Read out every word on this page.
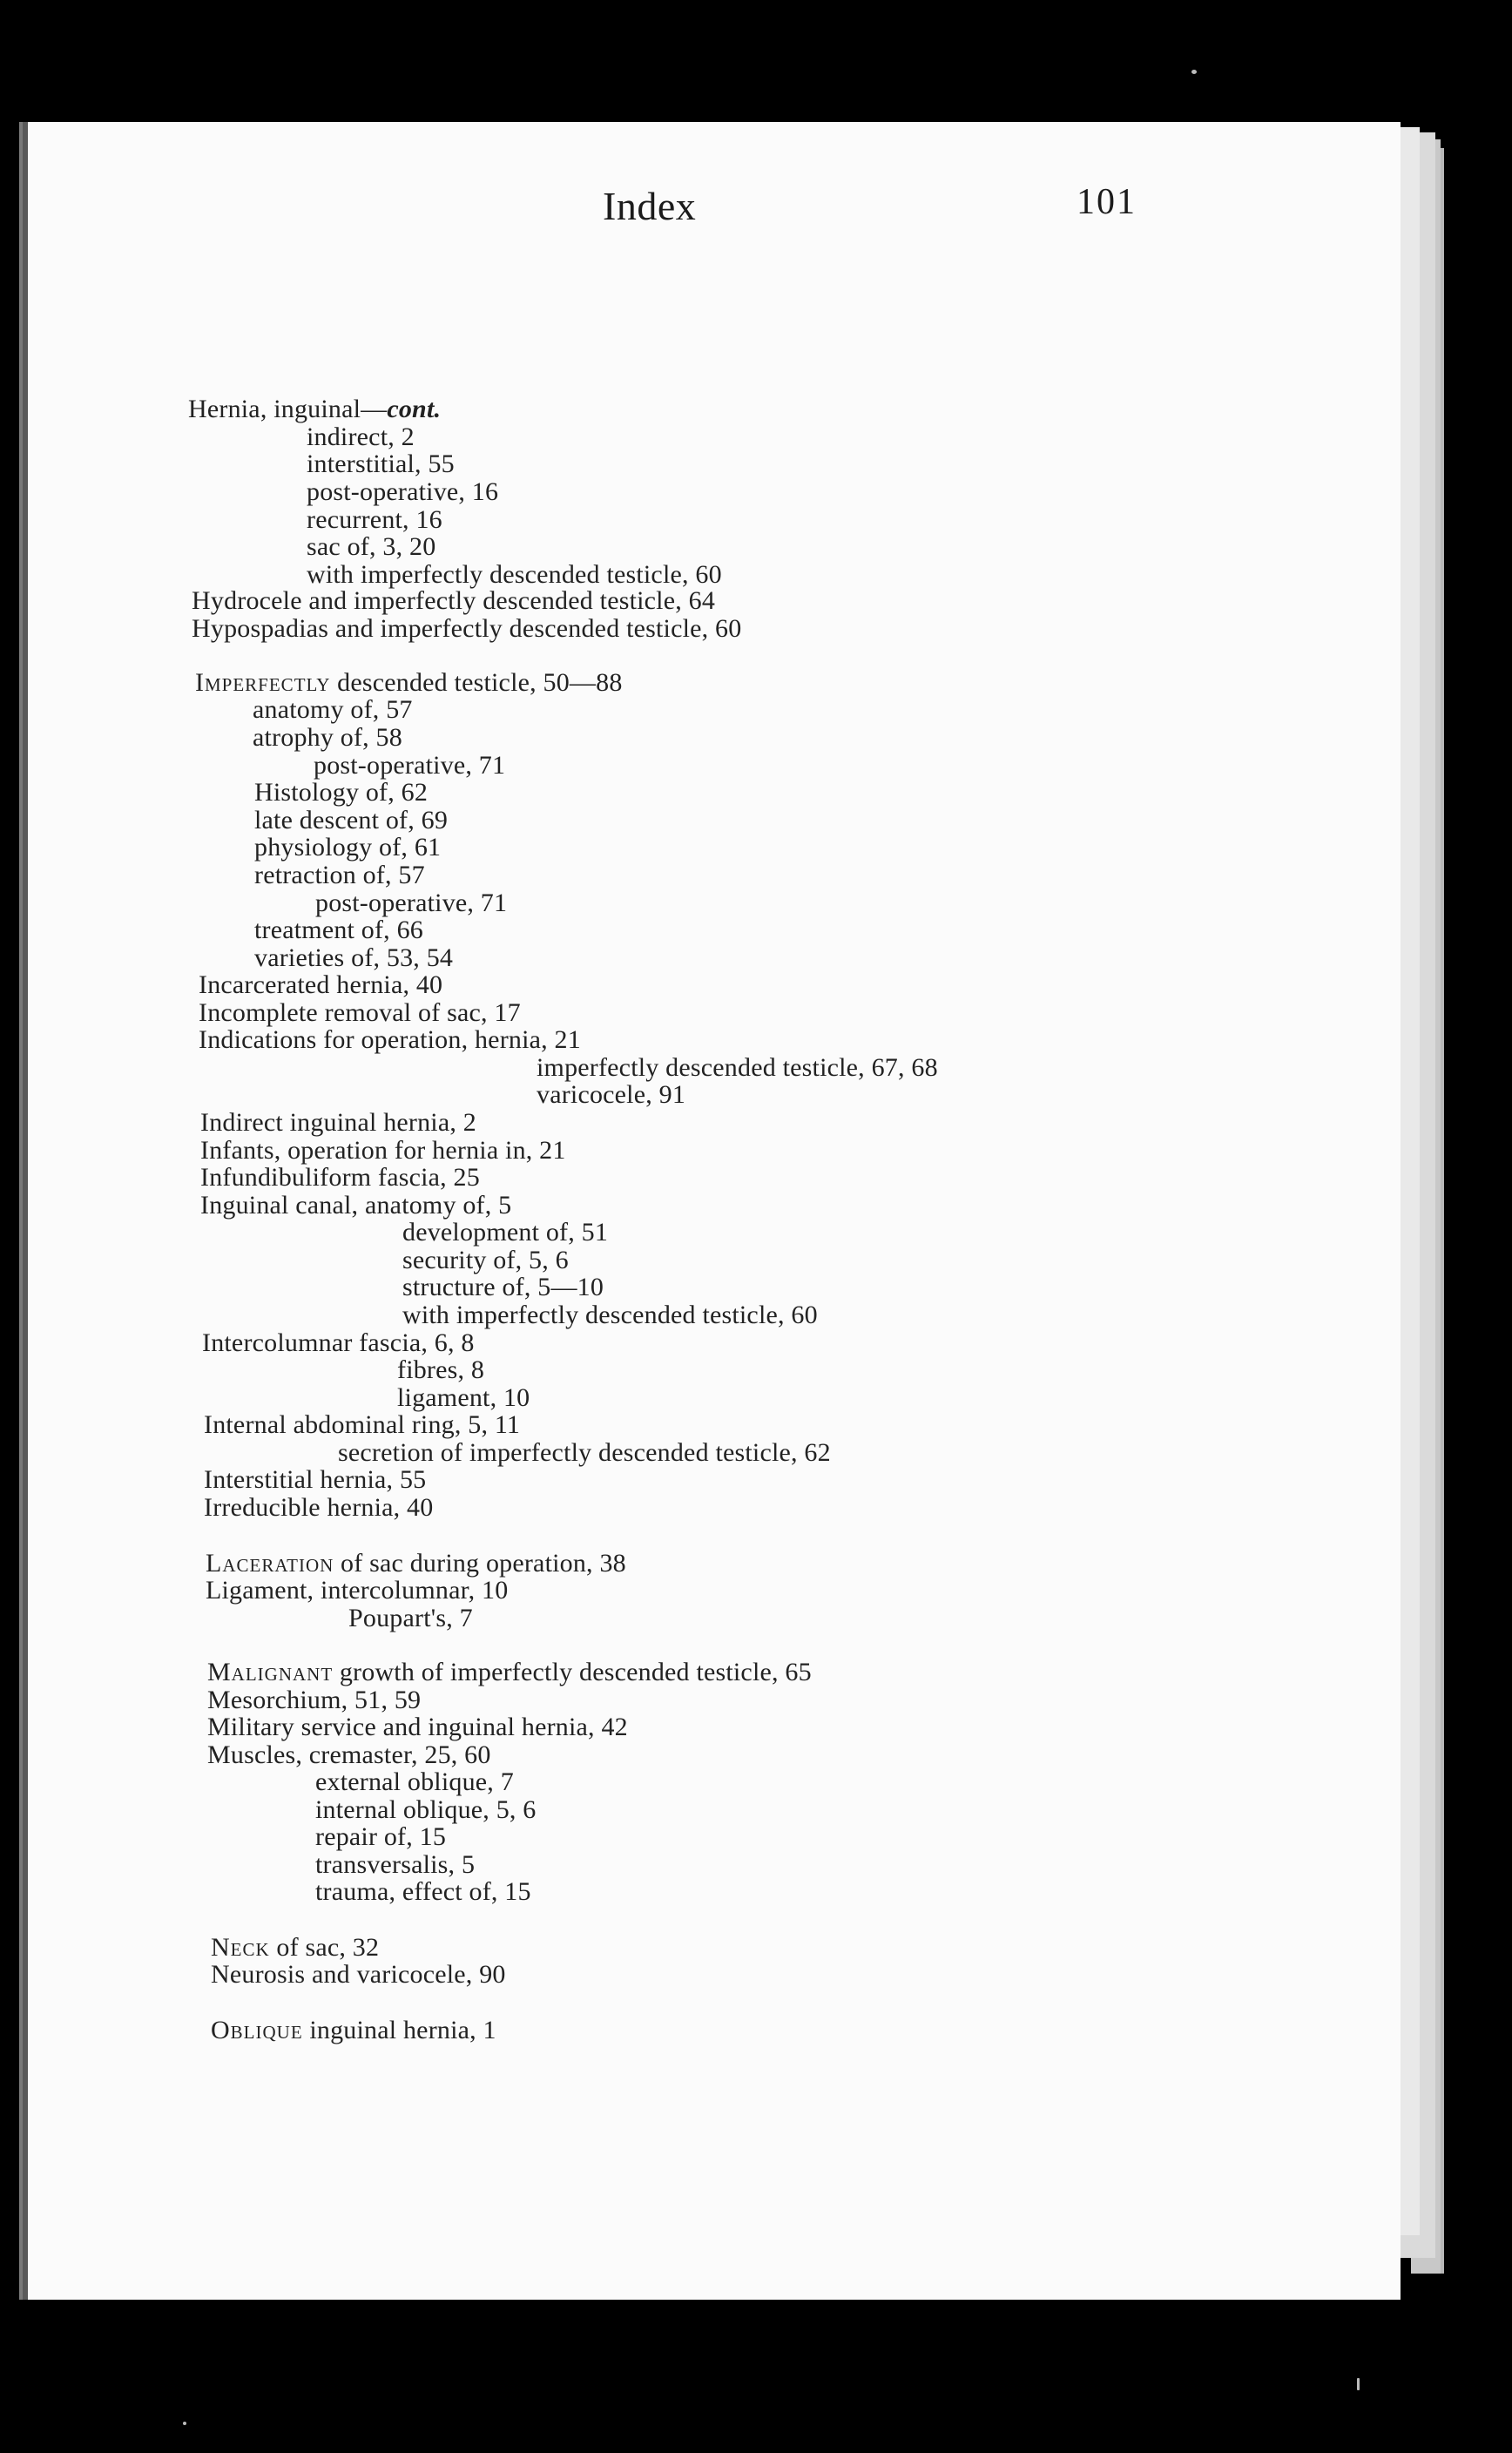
Index	101
Hernia, inguinal—cont.
indirect, 2
interstitial, 55
post-operative, 16
recurrent, 16
sac of, 3, 20
with imperfectly descended testicle, 60
Hydrocele and imperfectly descended testicle, 64
Hypospadias and imperfectly descended testicle, 60
Imperfectly descended testicle, 50—88
anatomy of, 57
atrophy of, 58
post-operative, 71
Histology of, 62
late descent of, 69
physiology of, 61
retraction of, 57
post-operative, 71
treatment of, 66
varieties of, 53, 54
Incarcerated hernia, 40
Incomplete removal of sac, 17
Indications for operation, hernia, 21
imperfectly descended testicle, 67, 68
varicocele, 91
Indirect inguinal hernia, 2
Infants, operation for hernia in, 21
Infundibuliform fascia, 25
Inguinal canal, anatomy of, 5
development of, 51
security of, 5, 6
structure of, 5—10
with imperfectly descended testicle, 60
Intercolumnar fascia, 6, 8
fibres, 8
ligament, 10
Internal abdominal ring, 5, 11
secretion of imperfectly descended testicle, 62
Interstitial hernia, 55
Irreducible hernia, 40
Laceration of sac during operation, 38
Ligament, intercolumnar, 10
Poupart's, 7
Malignant growth of imperfectly descended testicle, 65
Mesorchium, 51, 59
Military service and inguinal hernia, 42
Muscles, cremaster, 25, 60
external oblique, 7
internal oblique, 5, 6
repair of, 15
transversalis, 5
trauma, effect of, 15
Neck of sac, 32
Neurosis and varicocele, 90
Oblique inguinal hernia, 1
